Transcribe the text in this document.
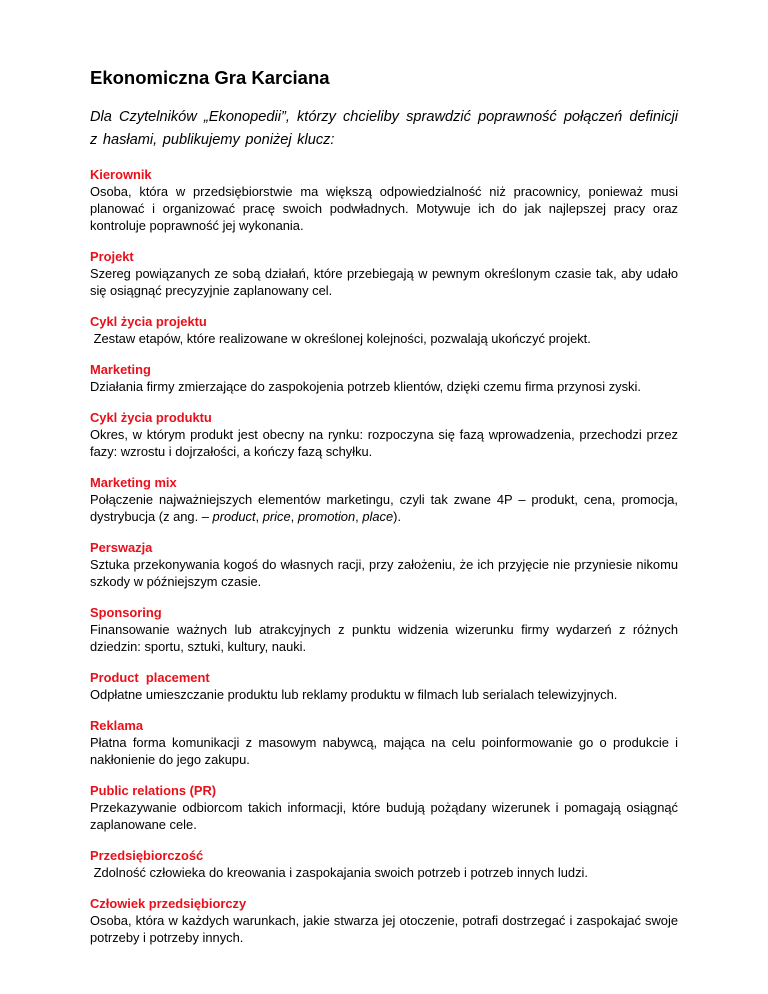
Ekonomiczna Gra Karciana

Dla Czytelników „Ekonopedii”, którzy chcieliby sprawdzić poprawność połączeń definicji z hasłami, publikujemy poniżej klucz:

Kierownik

Osoba, która w przedsiębiorstwie ma większą odpowiedzialność niż pracownicy, ponieważ musi planować i organizować pracę swoich podwładnych. Motywuje ich do jak najlepszej pracy oraz kontroluje poprawność jej wykonania.

Projekt

Szereg powiązanych ze sobą działań, które przebiegają w pewnym określonym czasie tak, aby udało się osiągnąć precyzyjnie zaplanowany cel.

Cykl życia projektu

Zestaw etapów, które realizowane w określonej kolejności, pozwalają ukończyć projekt.

Marketing

Działania firmy zmierzające do zaspokojenia potrzeb klientów, dzięki czemu firma przynosi zyski.

Cykl życia produktu

Okres, w którym produkt jest obecny na rynku: rozpoczyna się fazą wprowadzenia, przechodzi przez fazy: wzrostu i dojrzałości, a kończy fazą schyłku.

Marketing mix

Połączenie najważniejszych elementów marketingu, czyli tak zwane 4P – produkt, cena, promocja, dystrybucja (z ang. – product, price, promotion, place).

Perswazja

Sztuka przekonywania kogoś do własnych racji, przy założeniu, że ich przyjęcie nie przyniesie nikomu szkody w późniejszym czasie.

Sponsoring

Finansowanie ważnych lub atrakcyjnych z punktu widzenia wizerunku firmy wydarzeń z różnych dziedzin: sportu, sztuki, kultury, nauki.

Product  placement

Odpłatne umieszczanie produktu lub reklamy produktu w filmach lub serialach telewizyjnych.

Reklama

Płatna forma komunikacji z masowym nabywcą, mająca na celu poinformowanie go o produkcie i nakłonienie do jego zakupu.

Public relations (PR)

Przekazywanie odbiorcom takich informacji, które budują pożądany wizerunek i pomagają osiągnąć zaplanowane cele.

Przedsiębiorczość

Zdolność człowieka do kreowania i zaspokajania swoich potrzeb i potrzeb innych ludzi.

Człowiek przedsiębiorczy

Osoba, która w każdych warunkach, jakie stwarza jej otoczenie, potrafi dostrzegać i zaspokajać swoje potrzeby i potrzeby innych.
